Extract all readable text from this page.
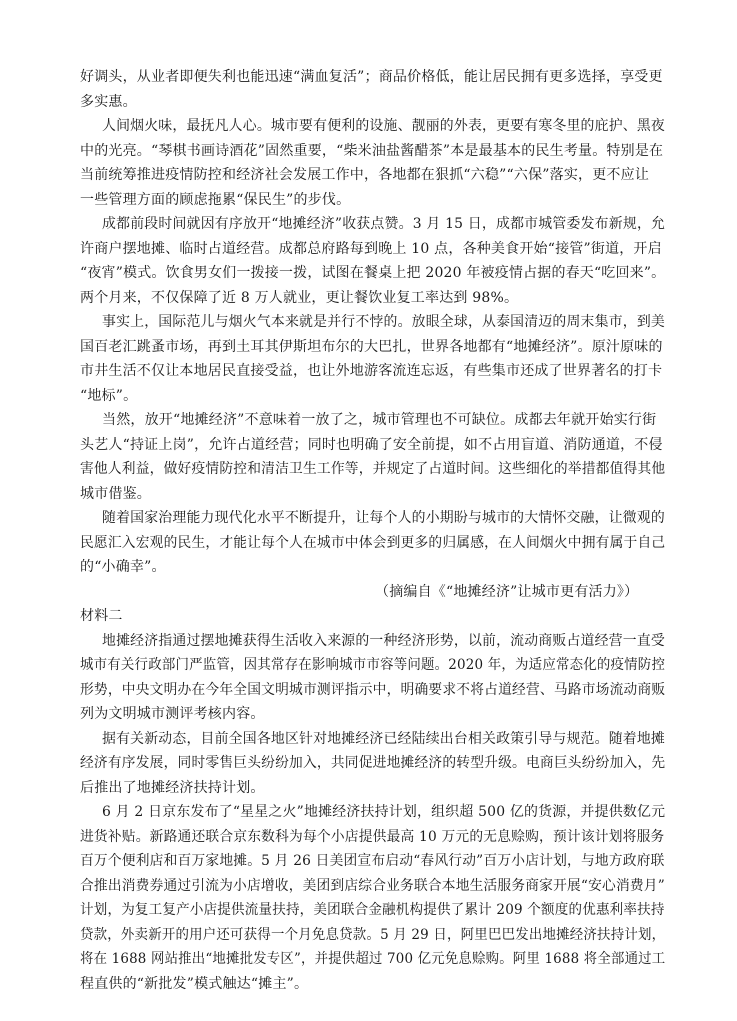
好调头，从业者即便失利也能迅速“满血复活”；商品价格低，能让居民拥有更多选择，享受更
多实惠。
人间烟火味，最抚凡人心。城市要有便利的设施、靓丽的外表，更要有寒冬里的庇护、黑夜
中的光亮。“琴棋书画诗酒花”固然重要，“柴米油盐酱醋茶”本是最基本的民生考量。特别是在
当前统筹推进疫情防控和经济社会发展工作中，各地都在狠抓“六稳”“六保”落实，更不应让
一些管理方面的顾虑拖累“保民生”的步伐。
成都前段时间就因有序放开“地摊经济”收获点赞。3 月 15 日，成都市城管委发布新规，允
许商户摆地摊、临时占道经营。成都总府路每到晚上 10 点，各种美食开始“接管”街道，开启
“夜宵”模式。饮食男女们一拨接一拨，试图在餐桌上把 2020 年被疫情占据的春天“吃回来”。
两个月来，不仅保障了近 8 万人就业，更让餐饮业复工率达到 98%。
事实上，国际范儿与烟火气本来就是并行不悖的。放眼全球，从泰国清迈的周末集市，到美
国百老汇跳蚤市场，再到土耳其伊斯坦布尔的大巴扎，世界各地都有“地摊经济”。原汁原味的
市井生活不仅让本地居民直接受益，也让外地游客流连忘返，有些集市还成了世界著名的打卡
“地标”。
当然，放开“地摊经济”不意味着一放了之，城市管理也不可缺位。成都去年就开始实行街
头艺人“持证上岗”，允许占道经营；同时也明确了安全前提，如不占用盲道、消防通道，不侵
害他人利益，做好疫情防控和清洁卫生工作等，并规定了占道时间。这些细化的举措都值得其他
城市借鉴。
随着国家治理能力现代化水平不断提升，让每个人的小期盼与城市的大情怀交融，让微观的
民愿汇入宏观的民生，才能让每个人在城市中体会到更多的归属感，在人间烟火中拥有属于自己
的“小确幸”。
（摘编自《“地摊经济”让城市更有活力》）
材料二
地摊经济指通过摆地摊获得生活收入来源的一种经济形势，以前，流动商贩占道经营一直受
城市有关行政部门严监管，因其常存在影响城市市容等问题。2020 年，为适应常态化的疫情防控
形势，中央文明办在今年全国文明城市测评指示中，明确要求不将占道经营、马路市场流动商贩
列为文明城市测评考核内容。
据有关新动态，目前全国各地区针对地摊经济已经陆续出台相关政策引导与规范。随着地摊
经济有序发展，同时零售巨头纷纷加入，共同促进地摊经济的转型升级。电商巨头纷纷加入，先
后推出了地摊经济扶持计划。
6 月 2 日京东发布了“星星之火”地摊经济扶持计划，组织超 500 亿的货源，并提供数亿元
进货补贴。新路通还联合京东数科为每个小店提供最高 10 万元的无息赊购，预计该计划将服务
百万个便利店和百万家地摊。5 月 26 日美团宣布启动“春风行动”百万小店计划，与地方政府联
合推出消费券通过引流为小店增收，美团到店综合业务联合本地生活服务商家开展“安心消费月”
计划，为复工复产小店提供流量扶持，美团联合金融机构提供了累计 209 个额度的优惠利率扶持
贷款，外卖新开的用户还可获得一个月免息贷款。5 月 29 日，阿里巴巴发出地摊经济扶持计划，
将在 1688 网站推出“地摊批发专区”，并提供超过 700 亿元免息赊购。阿里 1688 将全部通过工
程直供的“新批发”模式触达“摊主”。
